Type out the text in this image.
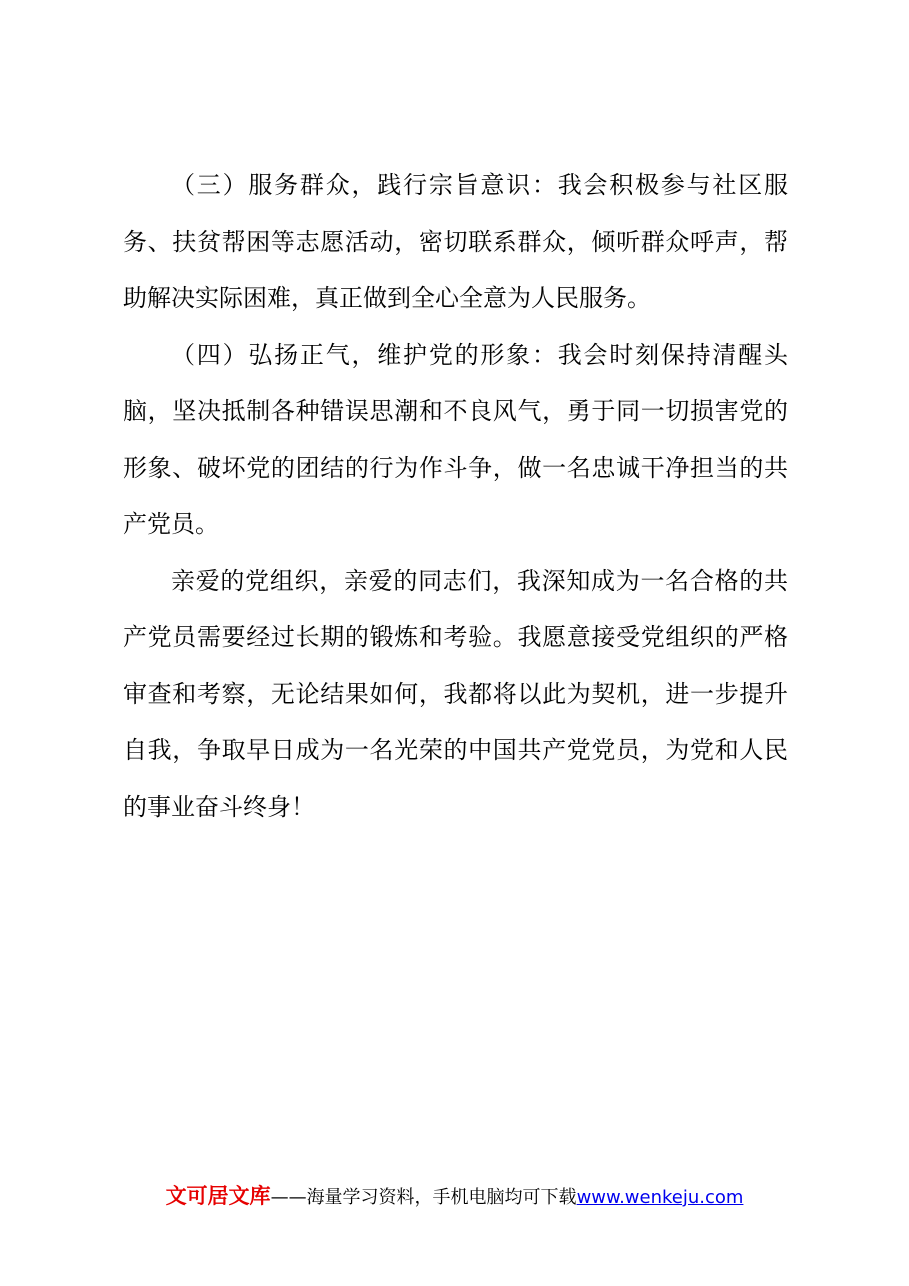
（三）服务群众，践行宗旨意识：我会积极参与社区服
务、扶贫帮困等志愿活动，密切联系群众，倾听群众呼声，帮
助解决实际困难，真正做到全心全意为人民服务。
（四）弘扬正气，维护党的形象：我会时刻保持清醒头
脑，坚决抵制各种错误思潮和不良风气，勇于同一切损害党的
形象、破坏党的团结的行为作斗争，做一名忠诚干净担当的共
产党员。
亲爱的党组织，亲爱的同志们，我深知成为一名合格的共
产党员需要经过长期的锻炼和考验。我愿意接受党组织的严格
审查和考察，无论结果如何，我都将以此为契机，进一步提升
自我，争取早日成为一名光荣的中国共产党党员，为党和人民
的事业奋斗终身！
文可居文库——海量学习资料，手机电脑均可下载www.wenkeju.com
